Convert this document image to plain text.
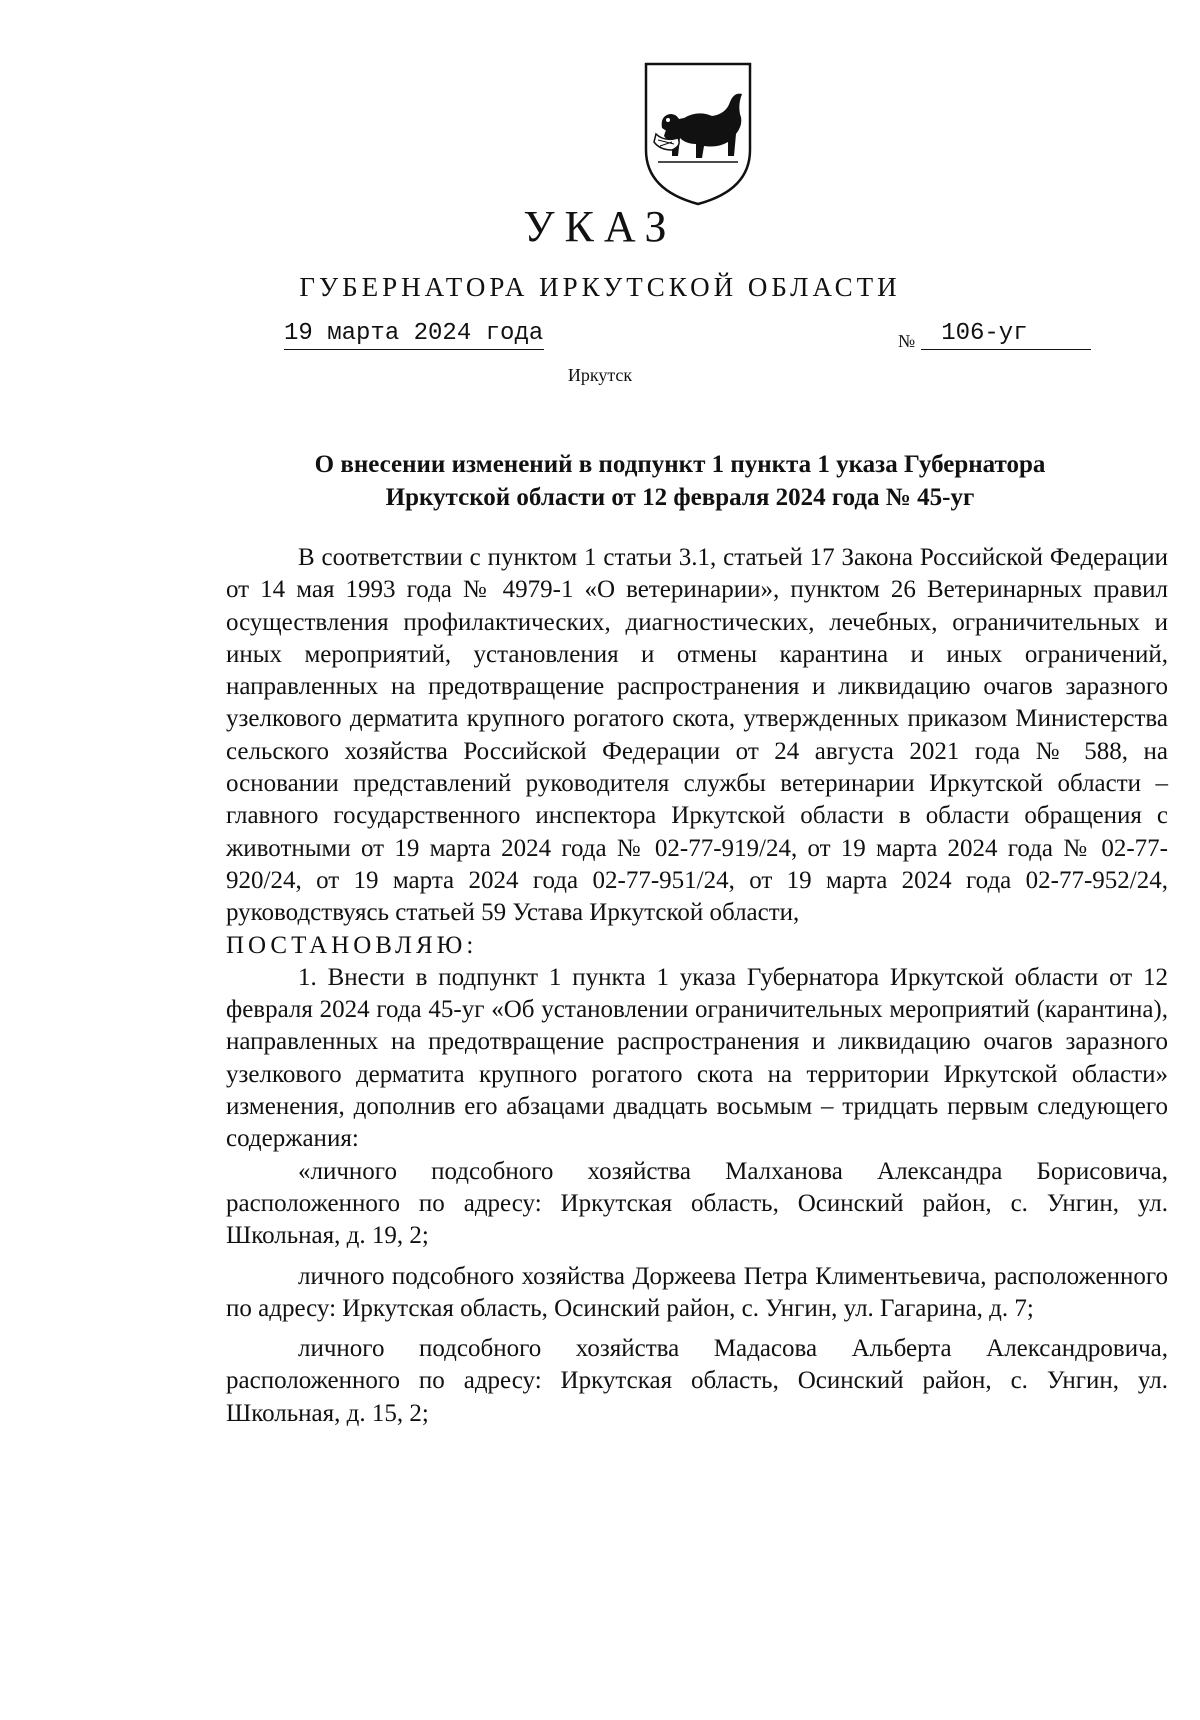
УКАЗ
ГУБЕРНАТОРА ИРКУТСКОЙ ОБЛАСТИ
19 марта 2024 года	№ 106-уг
Иркутск
О внесении изменений в подпункт 1 пункта 1 указа Губернатора
Иркутской области от 12 февраля 2024 года № 45-уг

В соответствии с пунктом 1 статьи 3.1, статьей 17 Закона Российской Федерации от 14 мая 1993 года № 4979-1 «О ветеринарии», пунктом 26 Ветеринарных правил осуществления профилактических, диагностических, лечебных, ограничительных и иных мероприятий, установления и отмены карантина и иных ограничений, направленных на предотвращение распространения и ликвидацию очагов заразного узелкового дерматита крупного рогатого скота, утвержденных приказом Министерства сельского хозяйства Российской Федерации от 24 августа 2021 года № 588, на основании представлений руководителя службы ветеринарии Иркутской области – главного государственного инспектора Иркутской области в области обращения с животными от 19 марта 2024 года № 02-77-919/24, от 19 марта 2024 года № 02-77-920/24, от 19 марта 2024 года 02-77-951/24, от 19 марта 2024 года 02-77-952/24, руководствуясь статьей 59 Устава Иркутской области,

ПОСТАНОВЛЯЮ:

1. Внести в подпункт 1 пункта 1 указа Губернатора Иркутской области от 12 февраля 2024 года 45-уг «Об установлении ограничительных мероприятий (карантина), направленных на предотвращение распространения и ликвидацию очагов заразного узелкового дерматита крупного рогатого скота на территории Иркутской области» изменения, дополнив его абзацами двадцать восьмым – тридцать первым следующего содержания:

«личного подсобного хозяйства Малханова Александра Борисовича, расположенного по адресу: Иркутская область, Осинский район, с. Унгин, ул. Школьная, д. 19, 2;

личного подсобного хозяйства Доржеева Петра Климентьевича, расположенного по адресу: Иркутская область, Осинский район, с. Унгин, ул. Гагарина, д. 7;

личного подсобного хозяйства Мадасова Альберта Александровича, расположенного по адресу: Иркутская область, Осинский район, с. Унгин, ул. Школьная, д. 15, 2;
